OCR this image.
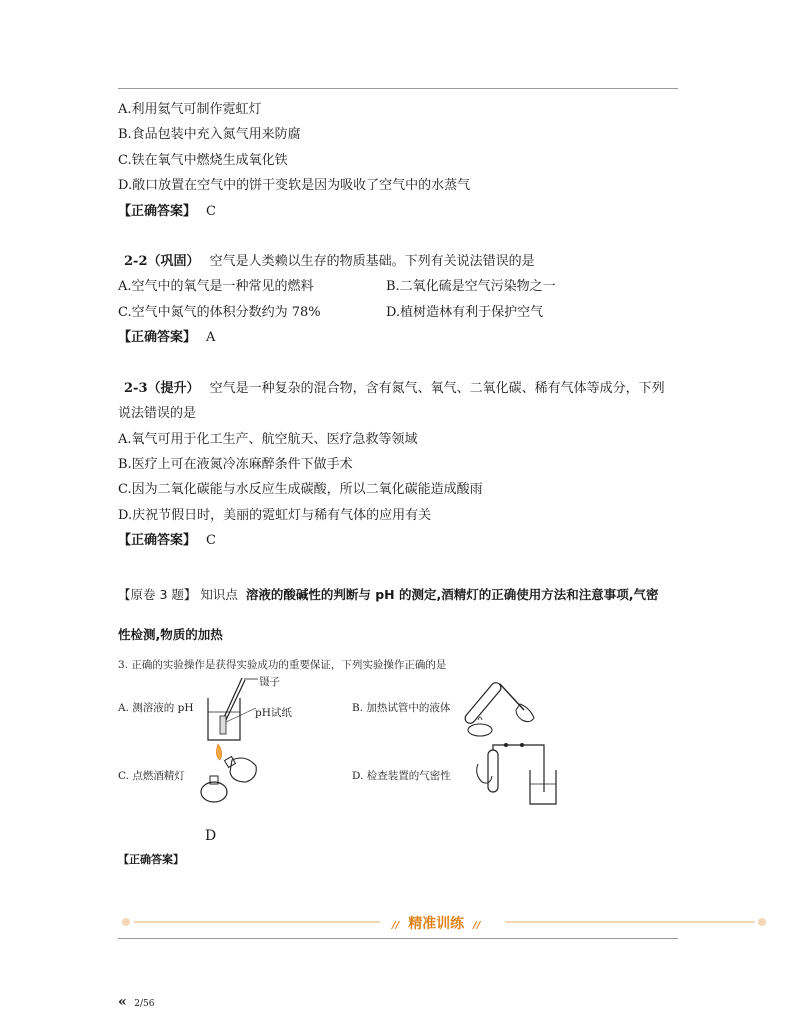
A.利用氦气可制作霓虹灯
B.食品包装中充入氮气用来防腐
C.铁在氧气中燃烧生成氧化铁
D.敞口放置在空气中的饼干变软是因为吸收了空气中的水蒸气
【正确答案】 C
2-2（巩固） 空气是人类赖以生存的物质基础。下列有关说法错误的是
A.空气中的氧气是一种常见的燃料	B.二氧化硫是空气污染物之一
C.空气中氮气的体积分数约为 78%	D.植树造林有利于保护空气
【正确答案】 A
2-3（提升） 空气是一种复杂的混合物，含有氮气、氧气、二氧化碳、稀有气体等成分，下列
说法错误的是
A.氧气可用于化工生产、航空航天、医疗急救等领域
B.医疗上可在液氮冷冻麻醉条件下做手术
C.因为二氧化碳能与水反应生成碳酸，所以二氧化碳能造成酸雨
D.庆祝节假日时，美丽的霓虹灯与稀有气体的应用有关
【正确答案】 C
【原卷 3 题】 知识点 溶液的酸碱性的判断与 pH 的测定,酒精灯的正确使用方法和注意事项,气密
性检测,物质的加热
3. 正确的实验操作是获得实验成功的重要保证，下列实验操作正确的是
A. 测溶液的 pH
镊子
pH试纸	B. 加热试管中的液体
C. 点燃酒精灯	D. 检查装置的气密性
D
【正确答案】
// 精准训练 //
« 2/56
